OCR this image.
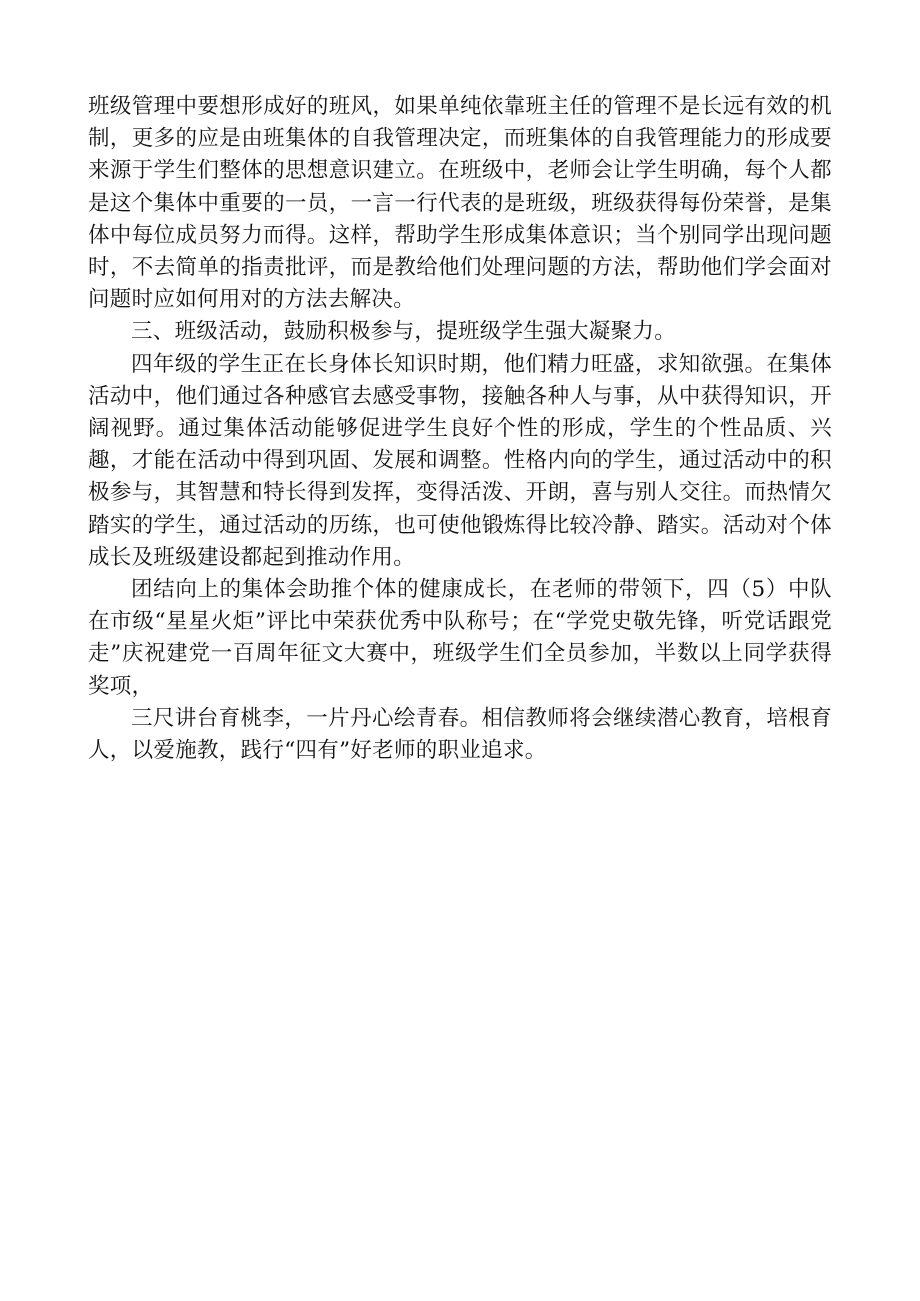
班级管理中要想形成好的班风，如果单纯依靠班主任的管理不是长远有效的机制，更多的应是由班集体的自我管理决定，而班集体的自我管理能力的形成要来源于学生们整体的思想意识建立。在班级中，老师会让学生明确，每个人都是这个集体中重要的一员，一言一行代表的是班级，班级获得每份荣誉，是集体中每位成员努力而得。这样，帮助学生形成集体意识；当个别同学出现问题时，不去简单的指责批评，而是教给他们处理问题的方法，帮助他们学会面对问题时应如何用对的方法去解决。

三、班级活动，鼓励积极参与，提班级学生强大凝聚力。

四年级的学生正在长身体长知识时期，他们精力旺盛，求知欲强。在集体活动中，他们通过各种感官去感受事物，接触各种人与事，从中获得知识，开阔视野。通过集体活动能够促进学生良好个性的形成，学生的个性品质、兴趣，才能在活动中得到巩固、发展和调整。性格内向的学生，通过活动中的积极参与，其智慧和特长得到发挥，变得活泼、开朗，喜与别人交往。而热情欠踏实的学生，通过活动的历练，也可使他锻炼得比较冷静、踏实。活动对个体成长及班级建设都起到推动作用。

团结向上的集体会助推个体的健康成长，在老师的带领下，四（5）中队在市级“星星火炬”评比中荣获优秀中队称号；在“学党史敬先锋，听党话跟党走”庆祝建党一百周年征文大赛中，班级学生们全员参加，半数以上同学获得奖项，

三尺讲台育桃李，一片丹心绘青春。相信教师将会继续潜心教育，培根育人，以爱施教，践行“四有”好老师的职业追求。
